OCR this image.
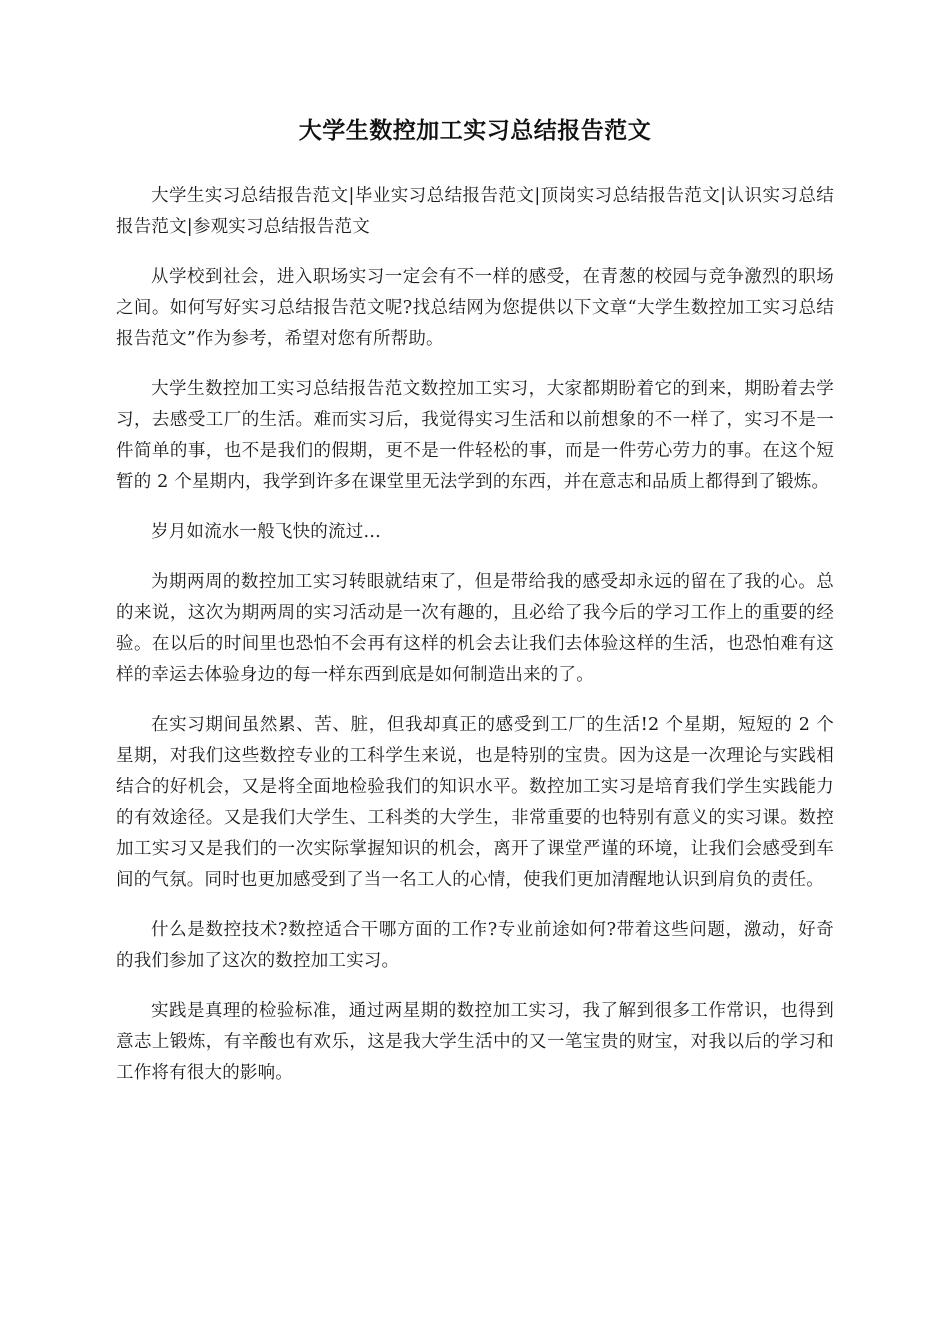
大学生数控加工实习总结报告范文

大学生实习总结报告范文|毕业实习总结报告范文|顶岗实习总结报告范文|认识实习总结报告范文|参观实习总结报告范文

从学校到社会，进入职场实习一定会有不一样的感受，在青葱的校园与竞争激烈的职场之间。如何写好实习总结报告范文呢?找总结网为您提供以下文章“大学生数控加工实习总结报告范文”作为参考，希望对您有所帮助。

大学生数控加工实习总结报告范文数控加工实习，大家都期盼着它的到来，期盼着去学习，去感受工厂的生活。难而实习后，我觉得实习生活和以前想象的不一样了，实习不是一件简单的事，也不是我们的假期，更不是一件轻松的事，而是一件劳心劳力的事。在这个短暂的 2 个星期内，我学到许多在课堂里无法学到的东西，并在意志和品质上都得到了锻炼。

岁月如流水一般飞快的流过…

为期两周的数控加工实习转眼就结束了，但是带给我的感受却永远的留在了我的心。总的来说，这次为期两周的实习活动是一次有趣的，且必给了我今后的学习工作上的重要的经验。在以后的时间里也恐怕不会再有这样的机会去让我们去体验这样的生活，也恐怕难有这样的幸运去体验身边的每一样东西到底是如何制造出来的了。

在实习期间虽然累、苦、脏，但我却真正的感受到工厂的生活!2 个星期，短短的 2 个星期，对我们这些数控专业的工科学生来说，也是特别的宝贵。因为这是一次理论与实践相结合的好机会，又是将全面地检验我们的知识水平。数控加工实习是培育我们学生实践能力的有效途径。又是我们大学生、工科类的大学生，非常重要的也特别有意义的实习课。数控加工实习又是我们的一次实际掌握知识的机会，离开了课堂严谨的环境，让我们会感受到车间的气氛。同时也更加感受到了当一名工人的心情，使我们更加清醒地认识到肩负的责任。

什么是数控技术?数控适合干哪方面的工作?专业前途如何?带着这些问题，激动，好奇的我们参加了这次的数控加工实习。

实践是真理的检验标准，通过两星期的数控加工实习，我了解到很多工作常识，也得到意志上锻炼，有辛酸也有欢乐，这是我大学生活中的又一笔宝贵的财宝，对我以后的学习和工作将有很大的影响。
